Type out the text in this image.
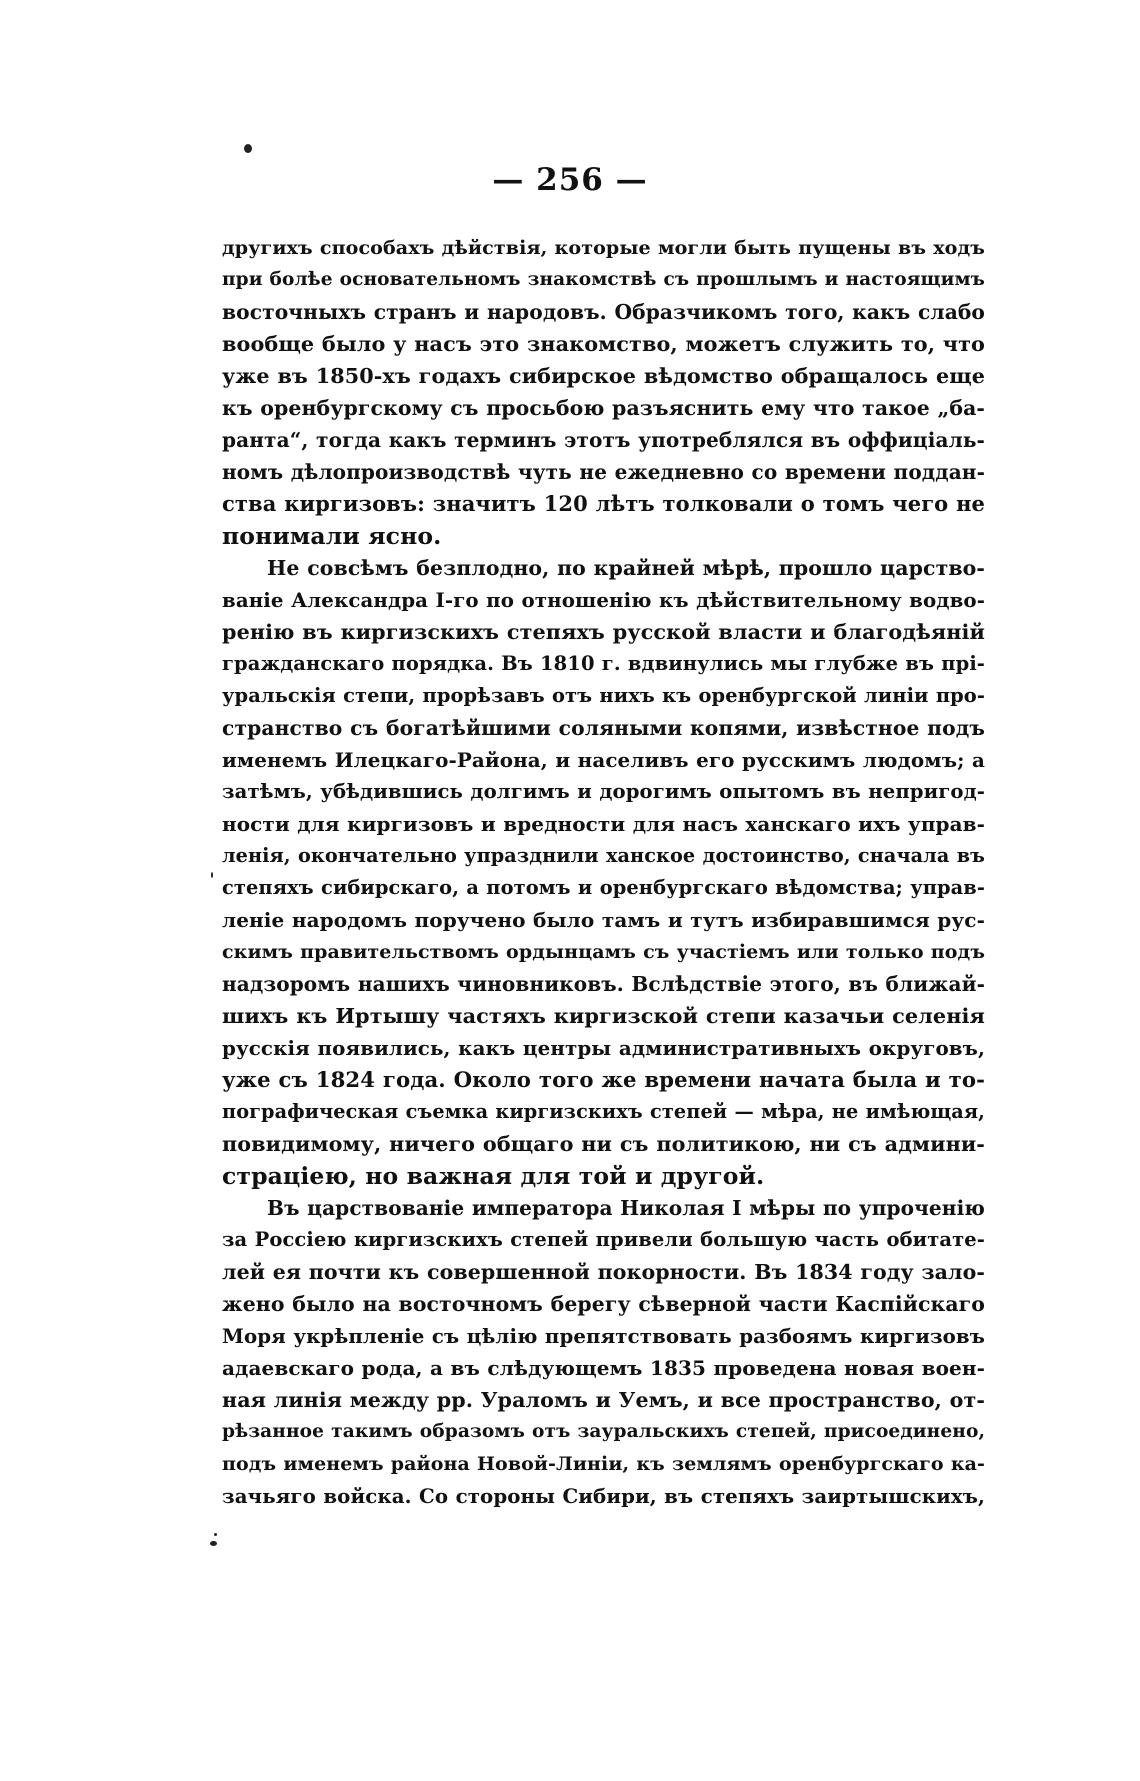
— 256 —
другихъ способахъ дѣйствія, которые могли быть пущены въ ходъ
при болѣе основательномъ знакомствѣ съ прошлымъ и настоящимъ
восточныхъ странъ и народовъ. Образчикомъ того, какъ слабо
вообще было у насъ это знакомство, можетъ служить то, что
уже въ 1850-хъ годахъ сибирское вѣдомство обращалось еще
къ оренбургскому съ просьбою разъяснить ему что такое „ба-
ранта“, тогда какъ терминъ этотъ употреблялся въ оффиціаль-
номъ дѣлопроизводствѣ чуть не ежедневно со времени поддан-
ства киргизовъ: значитъ 120 лѣтъ толковали о томъ чего не
понимали ясно.
Не совсѣмъ безплодно, по крайней мѣрѣ, прошло царство-
ваніе Александра I-го по отношенію къ дѣйствительному водво-
ренію въ киргизскихъ степяхъ русской власти и благодѣяній
гражданскаго порядка. Въ 1810 г. вдвинулись мы глубже въ прі-
уральскія степи, прорѣзавъ отъ нихъ къ оренбургской линіи про-
странство съ богатѣйшими соляными копями, извѣстное подъ
именемъ Илецкаго-Района, и населивъ его русскимъ людомъ; а
затѣмъ, убѣдившись долгимъ и дорогимъ опытомъ въ непригод-
ности для киргизовъ и вредности для насъ ханскаго ихъ управ-
ленія, окончательно упразднили ханское достоинство, сначала въ
степяхъ сибирскаго, а потомъ и оренбургскаго вѣдомства; управ-
леніе народомъ поручено было тамъ и тутъ избиравшимся рус-
скимъ правительствомъ ордынцамъ съ участіемъ или только подъ
надзоромъ нашихъ чиновниковъ. Вслѣдствіе этого, въ ближай-
шихъ къ Иртышу частяхъ киргизской степи казачьи селенія
русскія появились, какъ центры административныхъ округовъ,
уже съ 1824 года. Около того же времени начата была и то-
пографическая съемка киргизскихъ степей — мѣра, не имѣющая,
повидимому, ничего общаго ни съ политикою, ни съ админи-
страціею, но важная для той и другой.
Въ царствованіе императора Николая I мѣры по упроченію
за Россіею киргизскихъ степей привели большую часть обитате-
лей ея почти къ совершенной покорности. Въ 1834 году зало-
жено было на восточномъ берегу сѣверной части Каспійскаго
Моря укрѣпленіе съ цѣлію препятствовать разбоямъ киргизовъ
адаевскаго рода, а въ слѣдующемъ 1835 проведена новая воен-
ная линія между рр. Ураломъ и Уемъ, и все пространство, от-
рѣзанное такимъ образомъ отъ зауральскихъ степей, присоединено,
подъ именемъ района Новой-Линіи, къ землямъ оренбургскаго ка-
зачьяго войска. Со стороны Сибири, въ степяхъ заиртышскихъ,
